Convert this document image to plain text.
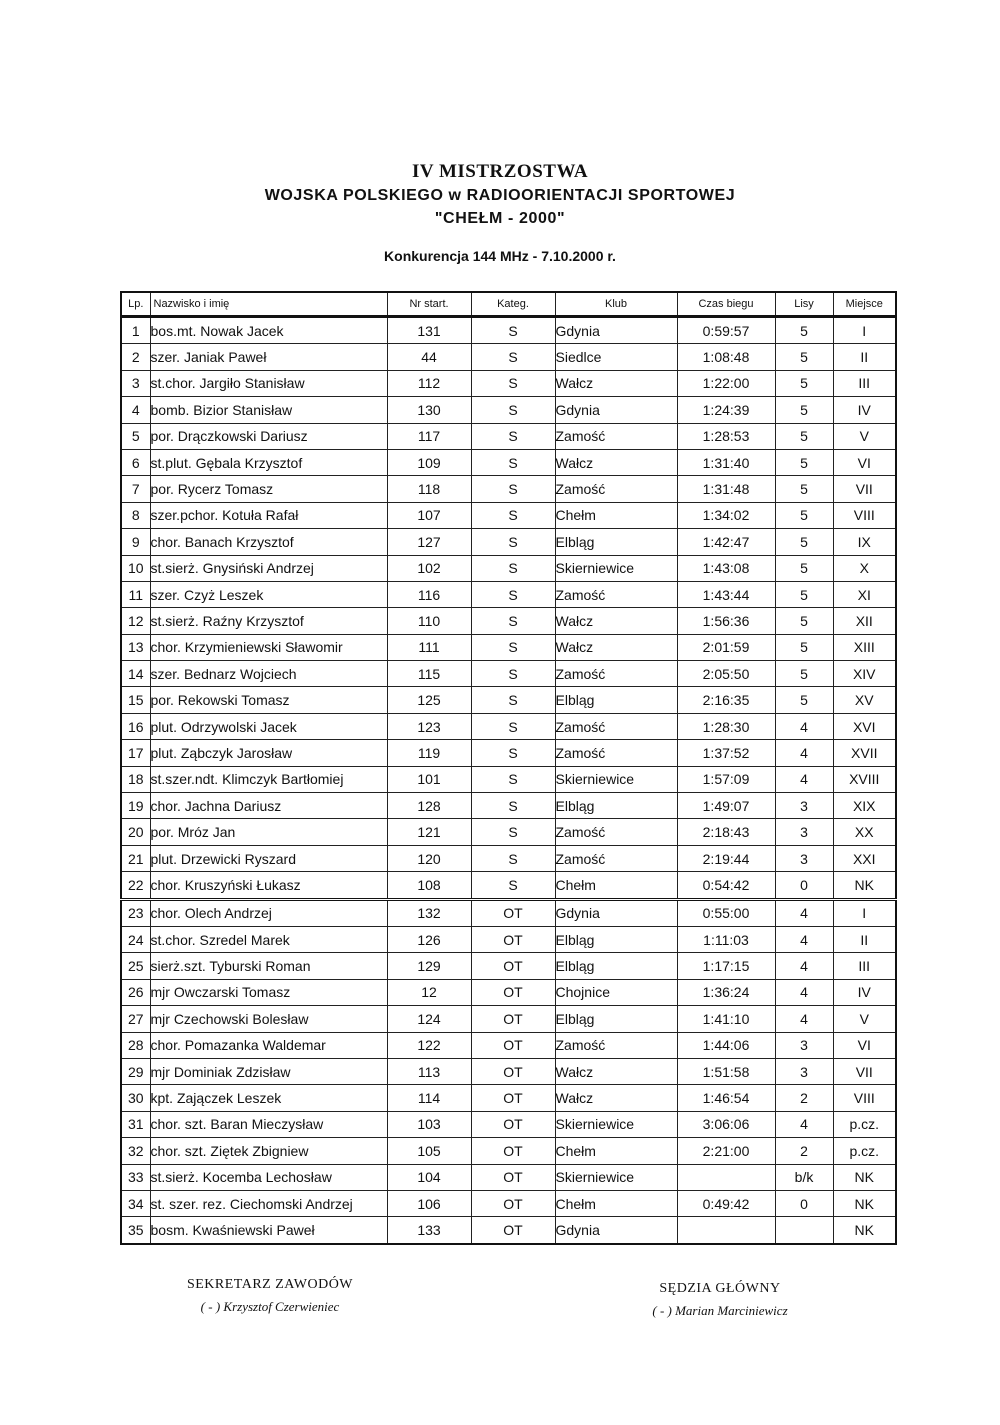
IV MISTRZOSTWA
WOJSKA POLSKIEGO w RADIOORIENTACJI SPORTOWEJ
"CHEŁM - 2000"
Konkurencja 144 MHz - 7.10.2000 r.
Lp.	Nazwisko i imię	Nr start.	Kateg.	Klub	Czas biegu	Lisy	Miejsce
1	bos.mt. Nowak Jacek	131	S	Gdynia	0:59:57	5	I
2	szer. Janiak Paweł	44	S	Siedlce	1:08:48	5	II
3	st.chor. Jargiło Stanisław	112	S	Wałcz	1:22:00	5	III
4	bomb. Bizior Stanisław	130	S	Gdynia	1:24:39	5	IV
5	por. Drączkowski Dariusz	117	S	Zamość	1:28:53	5	V
6	st.plut. Gębala Krzysztof	109	S	Wałcz	1:31:40	5	VI
7	por. Rycerz Tomasz	118	S	Zamość	1:31:48	5	VII
8	szer.pchor. Kotuła Rafał	107	S	Chełm	1:34:02	5	VIII
9	chor. Banach Krzysztof	127	S	Elbląg	1:42:47	5	IX
10	st.sierż. Gnysiński Andrzej	102	S	Skierniewice	1:43:08	5	X
11	szer. Czyż Leszek	116	S	Zamość	1:43:44	5	XI
12	st.sierż. Raźny Krzysztof	110	S	Wałcz	1:56:36	5	XII
13	chor. Krzymieniewski Sławomir	111	S	Wałcz	2:01:59	5	XIII
14	szer. Bednarz Wojciech	115	S	Zamość	2:05:50	5	XIV
15	por. Rekowski Tomasz	125	S	Elbląg	2:16:35	5	XV
16	plut. Odrzywolski Jacek	123	S	Zamość	1:28:30	4	XVI
17	plut. Ząbczyk Jarosław	119	S	Zamość	1:37:52	4	XVII
18	st.szer.ndt. Klimczyk Bartłomiej	101	S	Skierniewice	1:57:09	4	XVIII
19	chor. Jachna Dariusz	128	S	Elbląg	1:49:07	3	XIX
20	por. Mróz Jan	121	S	Zamość	2:18:43	3	XX
21	plut. Drzewicki Ryszard	120	S	Zamość	2:19:44	3	XXI
22	chor. Kruszyński Łukasz	108	S	Chełm	0:54:42	0	NK
23	chor. Olech Andrzej	132	OT	Gdynia	0:55:00	4	I
24	st.chor. Szredel Marek	126	OT	Elbląg	1:11:03	4	II
25	sierż.szt. Tyburski Roman	129	OT	Elbląg	1:17:15	4	III
26	mjr Owczarski Tomasz	12	OT	Chojnice	1:36:24	4	IV
27	mjr Czechowski Bolesław	124	OT	Elbląg	1:41:10	4	V
28	chor. Pomazanka Waldemar	122	OT	Zamość	1:44:06	3	VI
29	mjr Dominiak Zdzisław	113	OT	Wałcz	1:51:58	3	VII
30	kpt. Zajączek Leszek	114	OT	Wałcz	1:46:54	2	VIII
31	chor. szt. Baran Mieczysław	103	OT	Skierniewice	3:06:06	4	p.cz.
32	chor. szt. Ziętek Zbigniew	105	OT	Chełm	2:21:00	2	p.cz.
33	st.sierż. Kocemba Lechosław	104	OT	Skierniewice		b/k	NK
34	st. szer. rez. Ciechomski Andrzej	106	OT	Chełm	0:49:42	0	NK
35	bosm. Kwaśniewski Paweł	133	OT	Gdynia			NK
SEKRETARZ ZAWODÓW
( - ) Krzysztof Czerwieniec
SĘDZIA GŁÓWNY
( - ) Marian Marciniewicz
